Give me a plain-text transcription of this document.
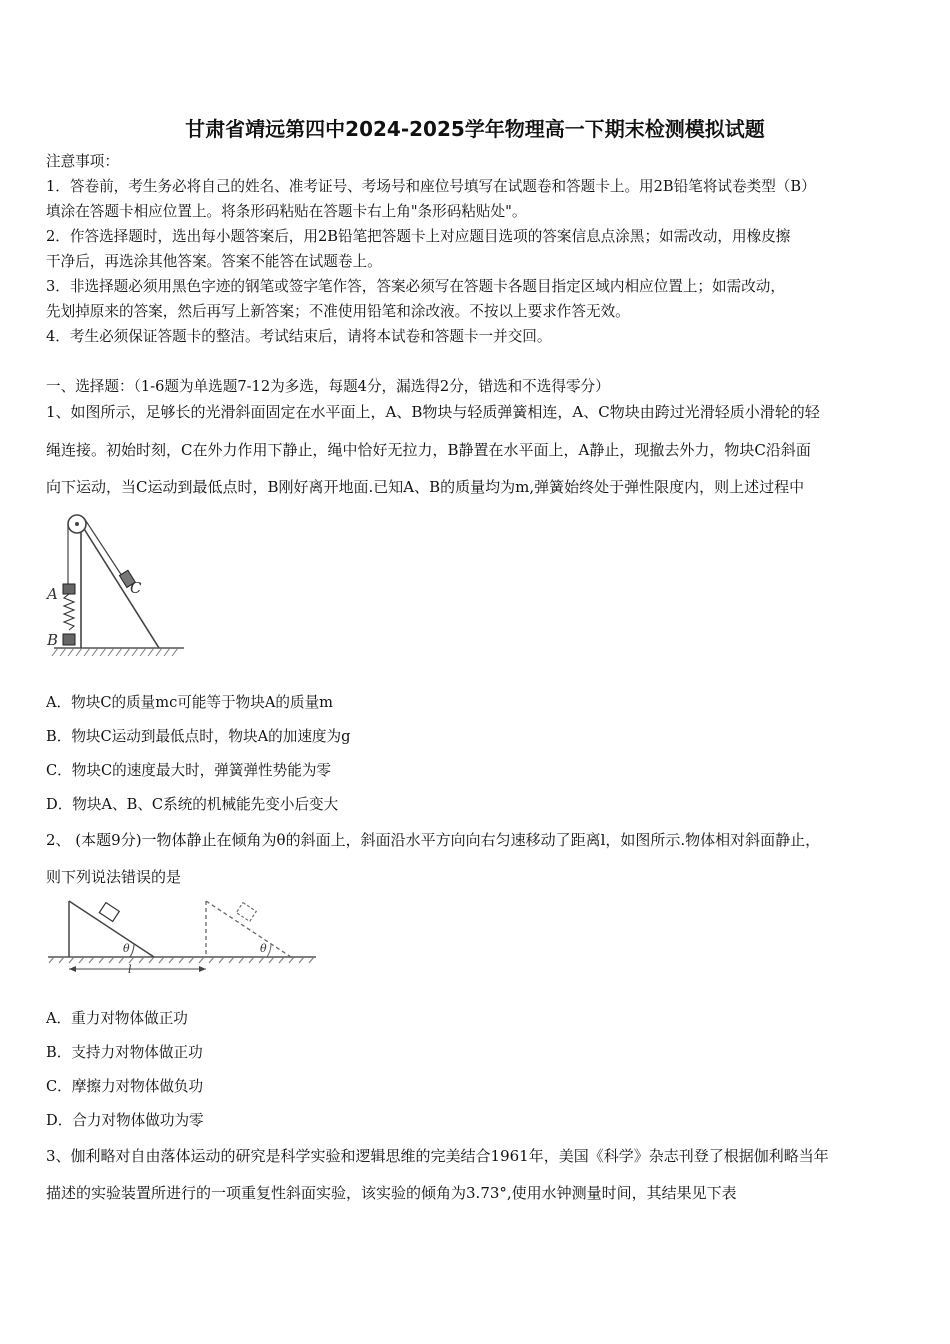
甘肃省靖远第四中2024-2025学年物理高一下期末检测模拟试题
注意事项：
1．答卷前，考生务必将自己的姓名、准考证号、考场号和座位号填写在试题卷和答题卡上。用2B铅笔将试卷类型（B）
填涂在答题卡相应位置上。将条形码粘贴在答题卡右上角"条形码粘贴处"。
2．作答选择题时，选出每小题答案后，用2B铅笔把答题卡上对应题目选项的答案信息点涂黑；如需改动，用橡皮擦
干净后，再选涂其他答案。答案不能答在试题卷上。
3．非选择题必须用黑色字迹的钢笔或签字笔作答，答案必须写在答题卡各题目指定区域内相应位置上；如需改动，
先划掉原来的答案，然后再写上新答案；不准使用铅笔和涂改液。不按以上要求作答无效。
4．考生必须保证答题卡的整洁。考试结束后，请将本试卷和答题卡一并交回。
一、选择题：（1-6题为单选题7-12为多选，每题4分，漏选得2分，错选和不选得零分）
1、如图所示，足够长的光滑斜面固定在水平面上，A、B物块与轻质弹簧相连，A、C物块由跨过光滑轻质小滑轮的轻
绳连接。初始时刻，C在外力作用下静止，绳中恰好无拉力，B静置在水平面上，A静止，现撤去外力，物块C沿斜面
向下运动，当C运动到最低点时，B刚好离开地面.已知A、B的质量均为m,弹簧始终处于弹性限度内，则上述过程中
A
B
C
A．物块C的质量mc可能等于物块A的质量m
B．物块C运动到最低点时，物块A的加速度为g
C．物块C的速度最大时，弹簧弹性势能为零
D．物块A、B、C系统的机械能先变小后变大
2、 (本题9分)一物体静止在倾角为θ的斜面上，斜面沿水平方向向右匀速移动了距离l，如图所示.物体相对斜面静止，
则下列说法错误的是
θ	θ
l
A．重力对物体做正功
B．支持力对物体做正功
C．摩擦力对物体做负功
D．合力对物体做功为零
3、伽利略对自由落体运动的研究是科学实验和逻辑思维的完美结合1961年，美国《科学》杂志刊登了根据伽利略当年
描述的实验装置所进行的一项重复性斜面实验，该实验的倾角为3.73°,使用水钟测量时间，其结果见下表
